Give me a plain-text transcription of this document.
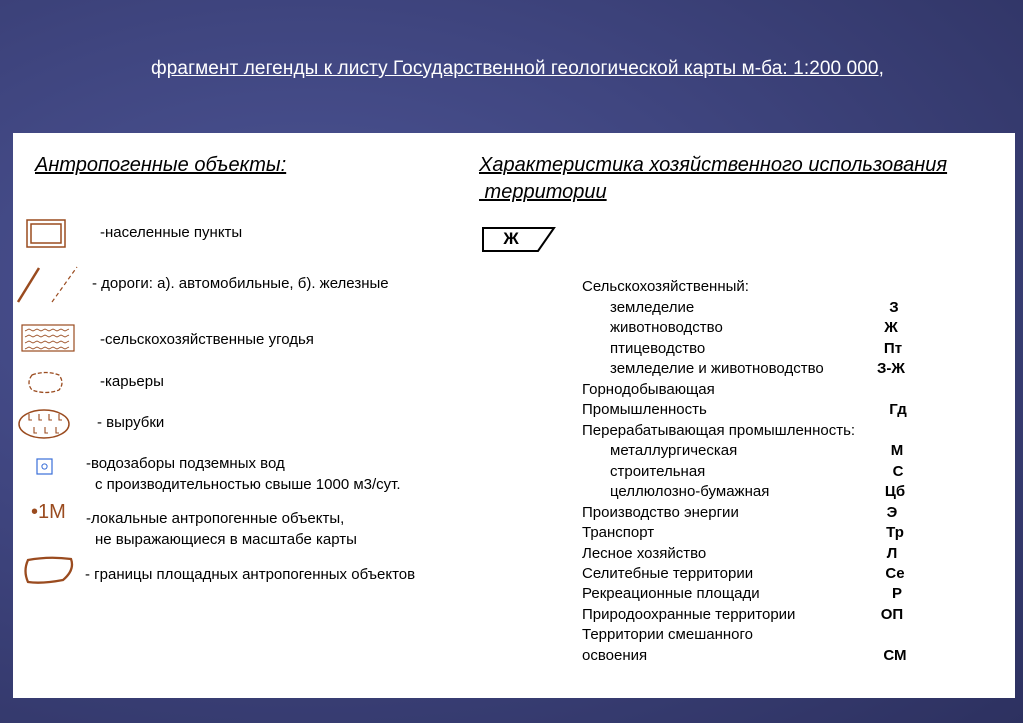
фрагмент легенды к листу Государственной геологической карты м-ба: 1:200 000,
Антропогенные объекты:
-населенные пункты
- дороги: а). автомобильные, б). железные
-сельскохозяйственные угодья
-карьеры
- вырубки
-водозаборы подземных вод
с производительностью свыше 1000 м3/сут.
•1М -локальные антропогенные объекты,
не выражающиеся в масштабе карты
- границы площадных антропогенных объектов
Характеристика хозяйственного использования
территории
Ж
Сельскохозяйственный:
земледелие	З
животноводство	Ж
птицеводство	Пт
земледелие и животноводство	З-Ж
Горнодобывающая
Промышленность	Гд
Перерабатывающая промышленность:
металлургическая	М
строительная	С
целлюлозно-бумажная	Цб
Производство энергии	Э
Транспорт	Тр
Лесное хозяйство	Л
Селитебные территории	Се
Рекреационные площади	Р
Природоохранные территории	ОП
Территории смешанного
освоения	СМ
